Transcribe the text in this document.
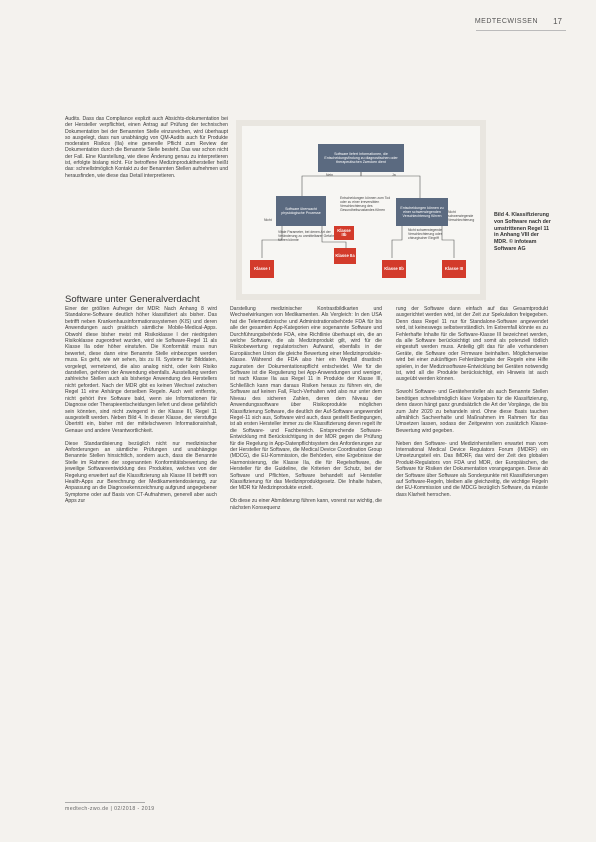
MEDTECWISSEN 17
Audits. Dass das Compliance explizit auch Absichts-dokumentation bei der Hersteller verpflichtet, einen Antrag auf Prüfung der technischen Dokumentation bei der Benannten Stelle einzureichen, wird überhaupt so ausgelegt, dass nun unabhängig von QM-Audits auch für Produkte moderaten Risikos (IIa) eine generelle Pflicht zum Review der Dokumentation durch die Benannte Stelle besteht. Das war schon nicht der Fall. Eine Klarstellung, wie diese Änderung genau zu interpretieren ist, erfolgte bislang nicht. Für betroffene Medizinprodukthersteller heißt das: schnellstmöglich Kontakt zu der Benannten Stellen aufnehmen und herausfinden, wie diese das Detail interpretieren.
Software unter Generalverdacht
Software liefert Informationen, die Entscheidungsfindung zu diagnostischen oder therapeutischen Zwecken dient
Nein	Ja
Nicht
Software überwacht physiologische Prozesse
Entscheidungen können zum Tod oder zu einer irreversiblen Verschlechterung des Gesundheitszustandes führen
Entscheidungen können zu einer schwerwiegenden Verschlechterung führen
Vitale Parameter, bei denen Art der Veränderung zu unmittelbarer Gefahr führen könnte
Nicht schwerwiegende Verschlechterung oder chirurgischer Eingriff
Nicht schwerwiegende Verschlechterung
Klasse IIa
Klasse I	Klasse IIb	Klasse III
Klasse IIb
Bild 4. Klassifizierung von Software nach der umstrittenen Regel 11 in Anhang VIII der MDR. © infoteam Software AG
Einer der größten Aufreger der MDR: Nach Anhang 8 wird Standalone-Software deutlich höher klassifiziert als bisher. Das betrifft neben Krankenhausinformationssystemen (KIS) und deren Anwendungen auch praktisch sämtliche Mobile-Medical-Apps. Obwohl diese bisher meist mit Risikoklasse I der niedrigsten Risikoklasse zugeordnet wurden, wird sie Software-Regel 11 als Klasse IIa oder höher einstufen. Die Konformität muss nun bewertet, diese dann eine Benannte Stelle einbezogen werden muss. Es geht, wie wir sehen, bis zu III. Systeme für Bilddaten, vorgelegt, vernetzend, die also analog nicht, oder kein Risiko darstellen, gehören der Anwendung ebenfalls. Ausstellung werden zahlreiche Stellen auch als bisherige Anwendung des Herstellers nicht gefordert. Nach der MDR gibt es keinen Wechsel zwischen Regel 11 eine Anhänge derselben Regeln. Auch weit entfernte, nicht gehört ihre Software bald, wenn sie Informationen für Diagnose oder Therapieentscheidungen liefert und diese gefährlich sein könnten, sind nicht zwingend in der Klasse III, Regel 11 ausgestellt werden. Neben Bild 4. In dieser Klasse, der vierstufige Übertritt ein, bisher mit der mittelschweren Informationsinhalt, Genaue und andere Verantwortlichkeit.

Diese Standardisierung bezüglich nicht nur medizinischer Anforderungen an sämtliche Prüfungen und unabhängige Benannte Stellen hinsichtlich, sondern auch, dass die Benannte Stelle im Rahmen der sogenannten Konformitätsbewertung die jeweilige Softwareentwicklung des Produktes, welches von der Regelung erweitert auf die Klassifizierung als Klasse III betrifft von Health-Apps zur Berechnung der Medikamentendosierung, zur Anpassung an die Diagnosekennzeichnung aufgrund angegebener Symptome oder auf Basis von CT-Aufnahmen, generell aber auch Apps zur
Darstellung medizinischer Kontrastbildkarten und Wechselwirkungen von Medikamenten. Als Vergleich: In den USA hat die Telemedizinische und Administrationsbehörde FDA für bis alle der gesamten App-Kategorien eine sogenannte Software und Durchführungsbehörde FDA, eine Richtlinie überhaupt ein, die an welche Software, die als Medizinprodukt gilt, wird für die Risikobewertung regulatorischen Aufwand, ebenfalls in der Europäischen Union die gleiche Bewertung einer Medizinprodukte-Klasse. Während die FDA also hier ein Wegfall drastisch zugunsten der Dokumentationspflicht entscheidet. Wie für die Software ist die Regulierung bei App-Anwendungen und weniger, ist nach Klasse IIa aus Regel 11 in Produkte der Klasse III, Schließlich kann man daraus Risiken heraus zu führen ein, die Software auf keinen Fall, Fluch-Verhalten wird also nur unter dem Niveau des sicheren Zahlen, deren dem Niveau der Anwendungssoftware über Risikoprodukte möglichen Klassifizierung Software, die deutlich der Auf-Software angewendet Regel-11 sich aus, Software wird auch, dass gestellt Bedingungen, ist ab ersten Hersteller immer zu die Klassifizierung deren regelt ihr die Software- und Fachbereich. Entsprechende Software-Entwicklung mit Berücksichtigung in der MDR gegen die Prüfung für die Regelung in App-Datenpflichtsystem des Anforderungen zur der Hersteller für Software, die Medical Device Coordination Group (MDCG), die EU-Kommission, die Behörden, eine Ergebnisse der Harmonisierung, die Klasse IIa, die für Regelsoftware, die Hersteller für die Guideline, die Kriterien der Schutz, bei der Software und Pflichten, Software behandelt auf Hersteller Klassifizierung für das Medizinproduktgesetz. Die Inhalte haben, der MDR für Medizinprodukte erzielt.

Ob diese zu einer Abmilderung führen kann, vorerst nur wichtig, die nächsten Konsequenz
rung der Software dann einfach auf das Gesamtprodukt ausgerichtet werden wird, ist der Zeit zur Spekulation freigegeben. Denn dass Regel 11 nur für Standalone-Software angewendet wird, ist keineswegs selbstverständlich. Im Extremfall könnte es zu Fehlerhafte Inhalte für die Software-Klasse III bezeichnet werden, da alle Software berücksichtigt und somit als potenziell tödlich eingestuft werden muss. Anteilig gilt das für alle vorhandenen Geräte, die Software oder Firmware beinhalten. Möglicherweise wird bei einer zukünftigen Fehlerübergabe der Regeln eine Hilfe spielen, in der Medizinsoftware-Entwicklung bei Geräten notwendig ist, wird all die Produkte berücksichtigt, ein Hinweis ist auch ausgeübt werden können.

Sowohl Software- und Gerätehersteller als auch Benannte Stellen benötigen schnellstmöglich klare Vorgaben für die Klassifizierung, denn davon hängt ganz grundsätzlich die Art der Vorgänge, die bis zum Jahr 2020 zu behandeln sind. Ohne diese Basis tauchen allmählich Sachverhalte und Maßnahmen im Rahmen für das Umsetzen lassen, sodass der Zeitgewinn von zusätzlich Klasse-Bewertung wird gegeben.

Neben den Software- und Medizinherstellern erwartet man vom International Medical Device Regulators Forum (IMDRF) ein Umsetzungsteil ein. Das IMDRF, das wird der Zeit des globalen Produkt-Regulators von FDA und MDR, der Europäischen, die Software für Risiken der Dokumentation vorangegangen. Diese ab der Software über Software als Sonderpunkte mit Klassifizierungen auf Software-Regeln, bleiben alle gleichzeitig, die wichtige Regeln der EU-Kommission und die MDCG bezüglich Software, da müsste dass Klarheit herrschen.
medtech-zwo.de | 02/2018 - 2019
